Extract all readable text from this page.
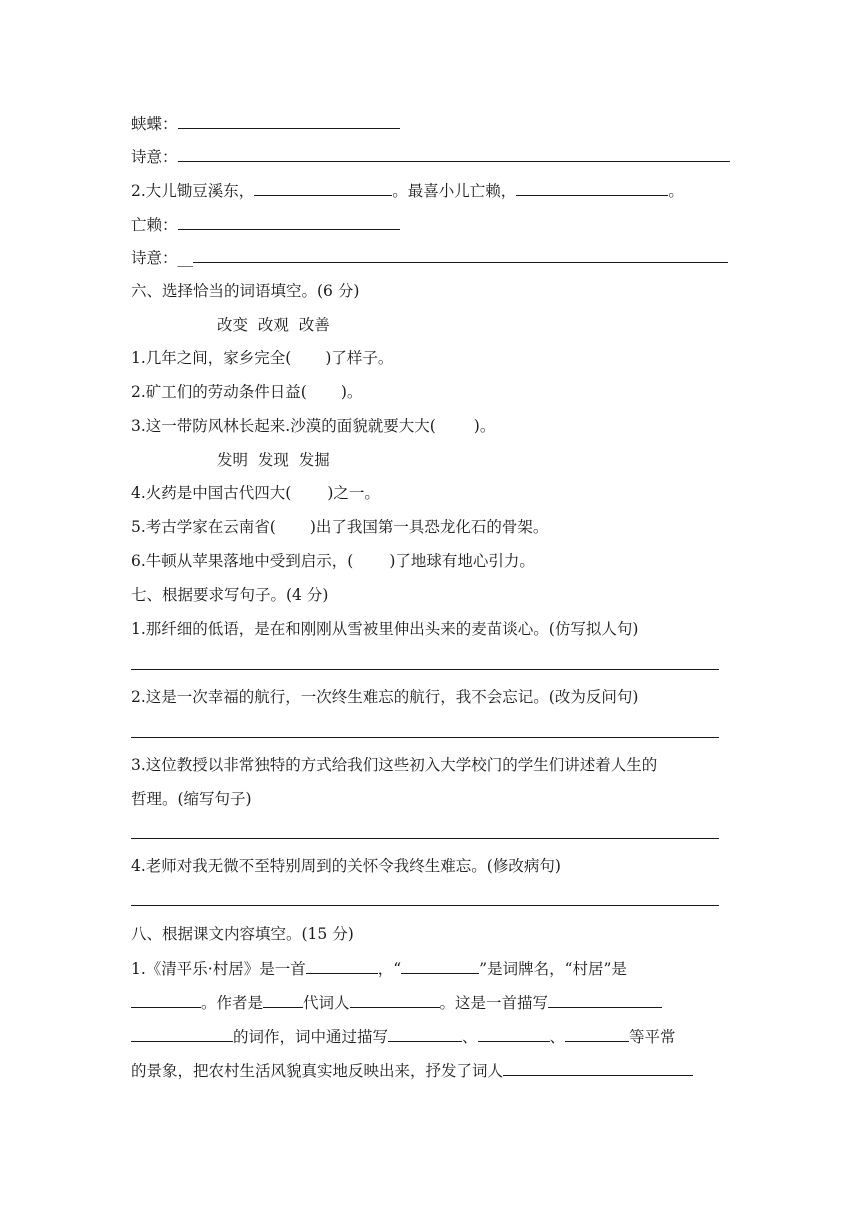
蛱蝶：
诗意：
2.大儿锄豆溪东，	。最喜小儿亡赖，	。
亡赖：
诗意：__
六、选择恰当的词语填空。(6 分)
改变  改观  改善
1.几年之间，家乡完全( )了样子。
2.矿工们的劳动条件日益( )。
3.这一带防风林长起来.沙漠的面貌就要大大( )。
发明  发现  发掘
4.火药是中国古代四大( )之一。
5.考古学家在云南省( )出了我国第一具恐龙化石的骨架。
6.牛顿从苹果落地中受到启示，( )了地球有地心引力。
七、根据要求写句子。(4 分)
1.那纤细的低语，是在和刚刚从雪被里伸出头来的麦苗谈心。(仿写拟人句)
2.这是一次幸福的航行，一次终生难忘的航行，我不会忘记。(改为反问句)
3.这位教授以非常独特的方式给我们这些初入大学校门的学生们讲述着人生的
哲理。(缩写句子)
4.老师对我无微不至特别周到的关怀令我终生难忘。(修改病句)
八、根据课文内容填空。(15 分)
1.《清平乐·村居》是一首	，“	”是词牌名，“村居”是
。作者是	代词人	。这是一首描写
的词作，词中通过描写	、	、	等平常
的景象，把农村生活风貌真实地反映出来，抒发了词人
